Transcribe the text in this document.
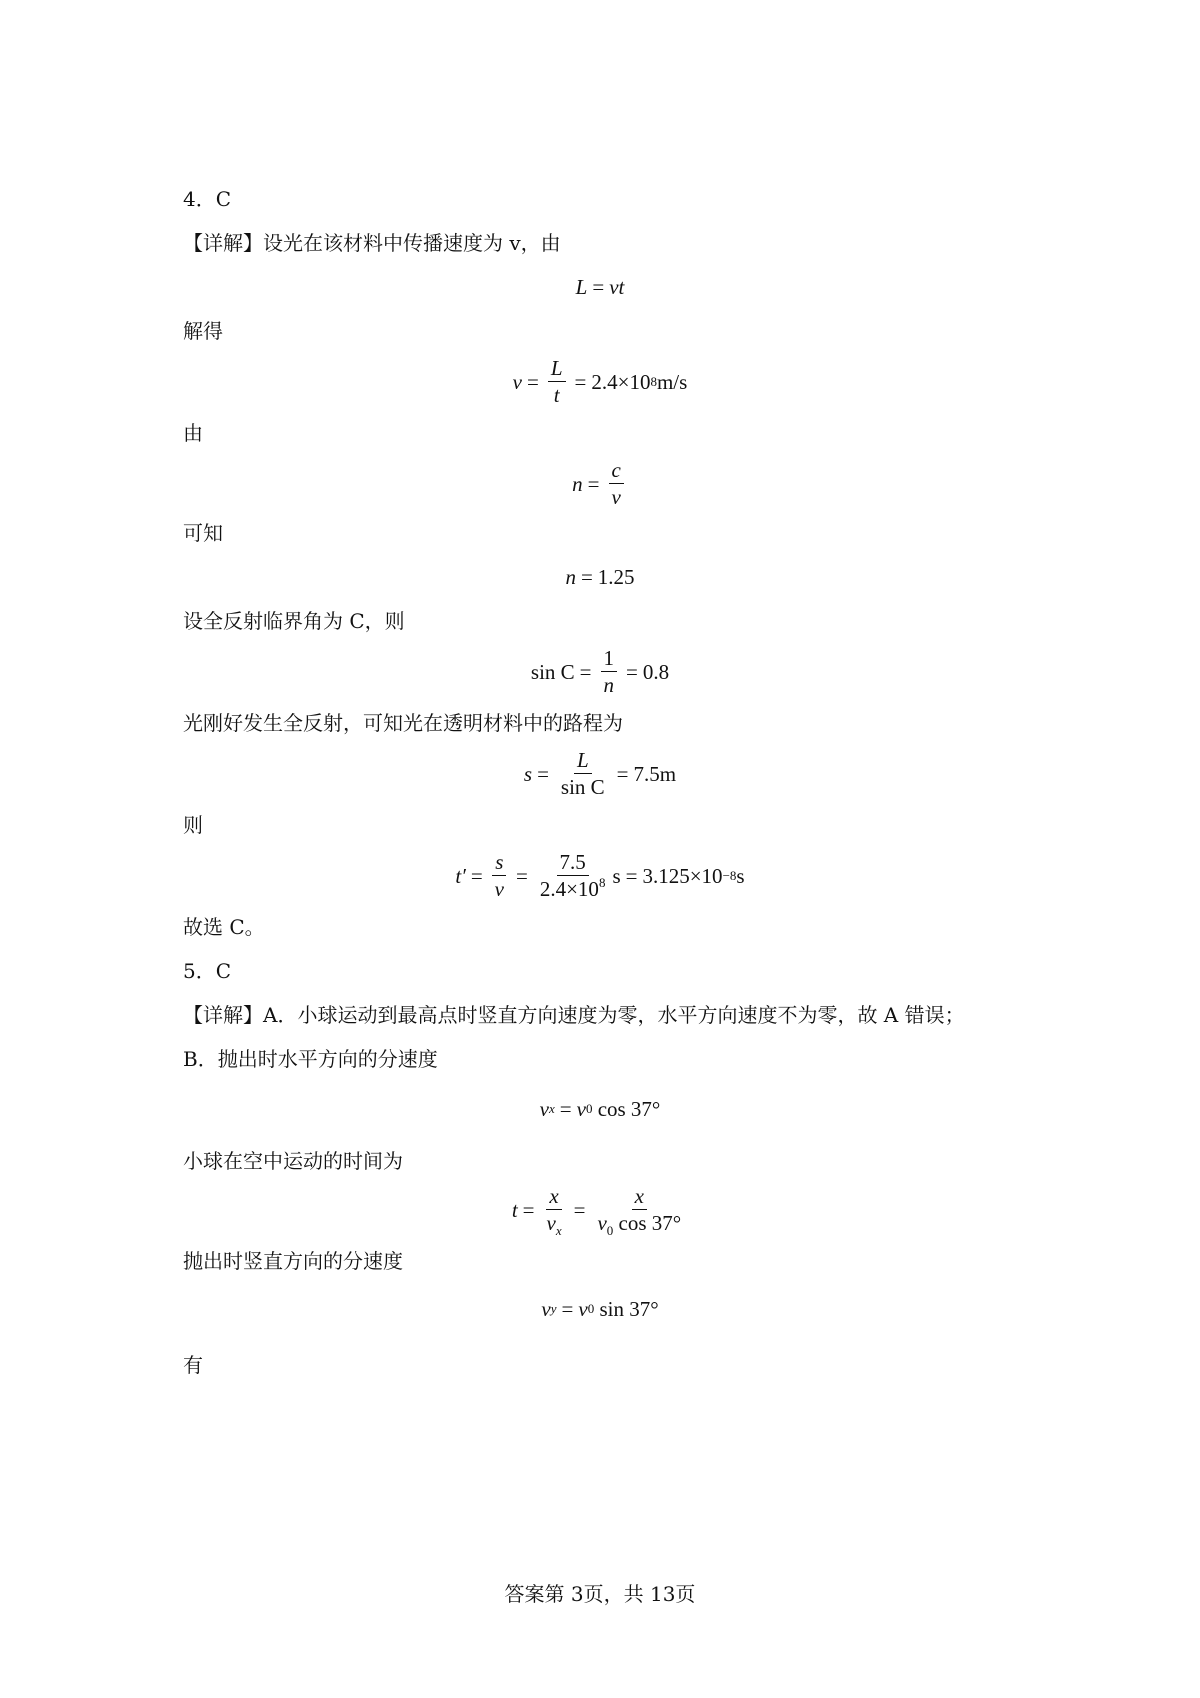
4．C
【详解】设光在该材料中传播速度为 v，由
L = vt
解得
$v = \frac{L}{t} = 2.4\times 10$ 8 m/s
由
$n = \frac{c}{v}$
可知
n = 1.25
设全反射临界角为 C，则
$\sin C = \frac{1}{n} = 0.8$
光刚好发生全反射，可知光在透明材料中的路程为
$s = \frac{L}{\text{sin C}} = 7.5m$
则
$t' = \frac{s}{v} = \frac{7.5}{2.4\times 10^8}$ s = 3.125×10 −8 s
故选 C。
5．C
【详解】A．小球运动到最高点时竖直方向速度为零，水平方向速度不为零，故 A 错误；
B．抛出时水平方向的分速度
v x = v 0
cos 37°
小球在空中运动的时间为
$t = \frac{x}{v_x} = \frac{x}{v_0 \cos 37^\circ}$
抛出时竖直方向的分速度
v y = v 0
sin 37°
有
答案第 3页，共 13页
